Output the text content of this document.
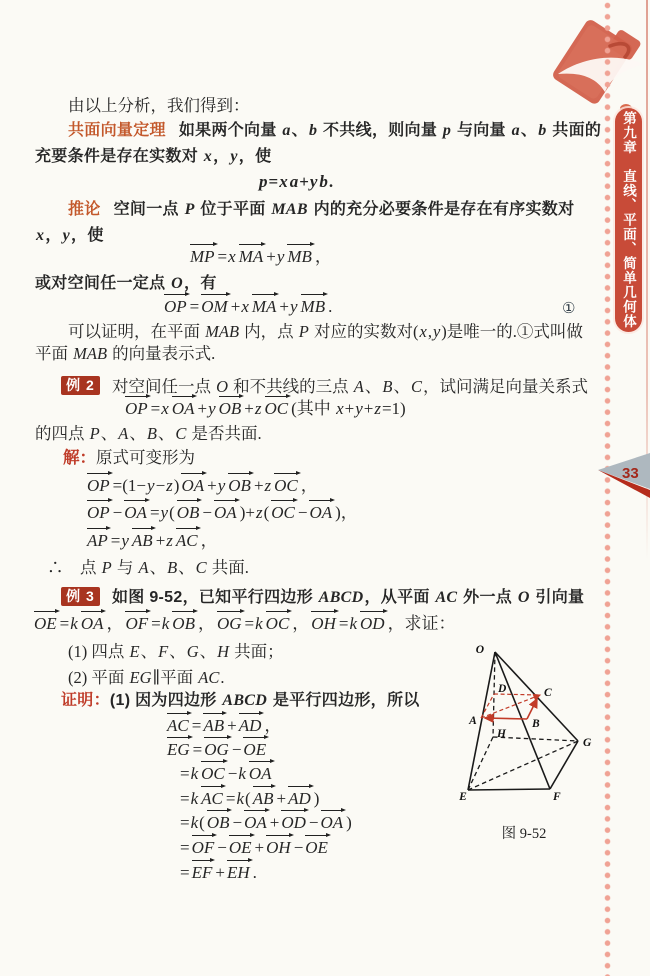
第九章　直线、平面、简单几何体
33
由以上分析，我们得到：
共面向量定理 如果两个向量 a、b 不共线，则向量 p 与向量 a、b 共面的
充要条件是存在实数对 x，y，使
p=x a+y b.
推论 空间一点 P 位于平面 MAB 内的充分必要条件是存在有序实数对
x，y，使
MP =x MA +y MB ，
或对空间任一定点 O，有
OP = OM +x MA +y MB .	①
可以证明，在平面 MAB 内，点 P 对应的实数对(x,y)是唯一的.①式叫做
平面 MAB 的向量表示式.
例 2	对空间任一点 O 和不共线的三点 A、B、C，试问满足向量关系式
OP =x OA +y OB +z OC (其中 x+y+z=1)
的四点 P、A、B、C 是否共面.
解：原式可变形为
OP =(1−y−z) OA +y OB +z OC ，
OP − OA =y( OB − OA )+z( OC − OA )，
AP =y AB +z AC ，
∴　点 P 与 A、B、C 共面.
例 3	如图 9-52，已知平行四边形 ABCD，从平面 AC 外一点 O 引向量
OE =k OA ， OF =k OB ， OG =k OC ， OH =k OD ，求证：
(1) 四点 E、F、G、H 共面；
(2) 平面 EG∥平面 AC.
证明：(1) 因为四边形 ABCD 是平行四边形，所以
AC = AB + AD ，
EG = OG − OE
=k OC −k OA
=k AC =k( AB + AD )
=k( OB − OA + OD − OA )
= OF − OE + OH − OE
= EF + EH .
O
A	B
C
D
E	F
G
H
图 9-52
